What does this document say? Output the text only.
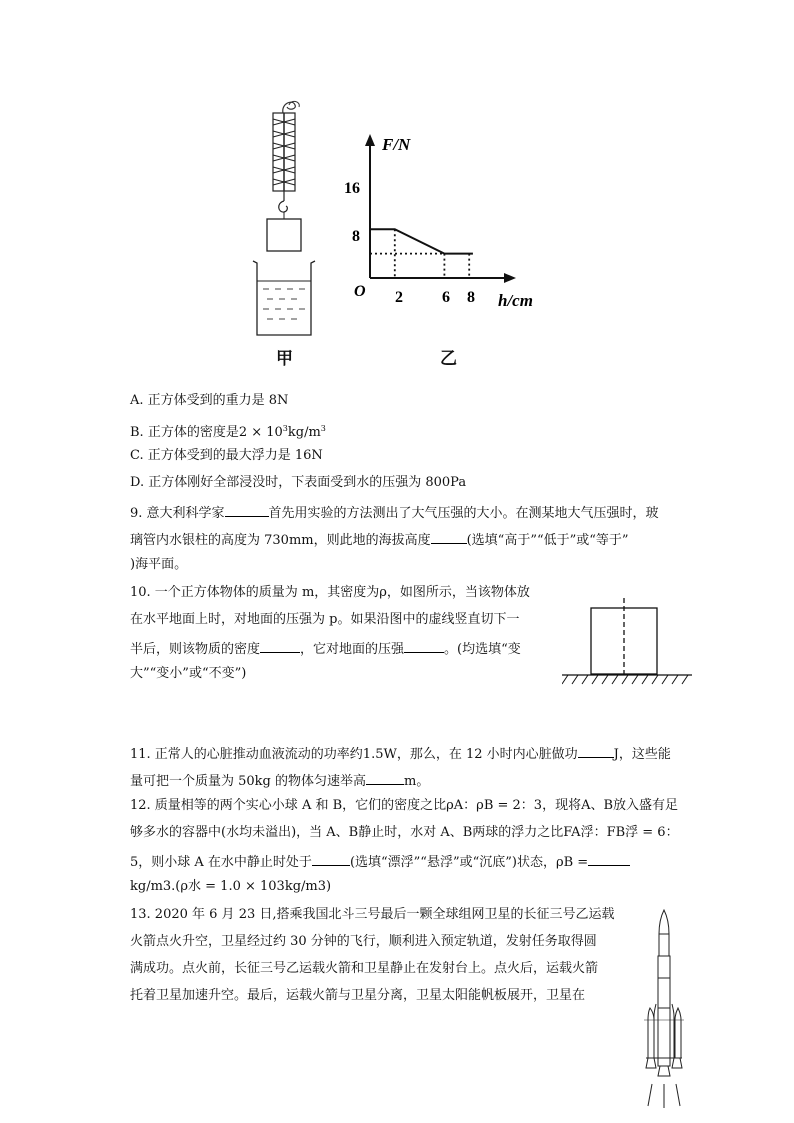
甲
F/N
h/cm
O
16
8
2 6 8
乙
A. 正方体受到的重力是 8N
B. 正方体的密度是$2 \times 10^3kg/m^3$
C. 正方体受到的最大浮力是 16N
D. 正方体刚好全部浸没时，下表面受到水的压强为 800Pa
9. 意大利科学家	首先用实验的方法测出了大气压强的大小。在测某地大气压强时，玻
璃管内水银柱的高度为 730mm，则此地的海拔高度	(选填“高于”“低于”或“等于”
)海平面。
10. 一个正方体物体的质量为 m，其密度为ρ，如图所示，当该物体放
在水平地面上时，对地面的压强为 p。如果沿图中的虚线竖直切下一
半后，则该物质的密度	，它对地面的压强	。(均选填“变
大”“变小”或“不变”)
11. 正常人的心脏推动血液流动的功率约1.5W，那么，在 12 小时内心脏做功	J，这些能
量可把一个质量为 50kg 的物体匀速举高	m。
12. 质量相等的两个实心小球 A 和 B，它们的密度之比ρA：ρB = 2：3，现将A、B放入盛有足
够多水的容器中(水均未溢出)，当 A、B静止时，水对 A、B两球的浮力之比FA浮：FB浮 = 6：
5，则小球 A 在水中静止时处于	(选填“漂浮”“悬浮”或“沉底”)状态，ρB =
kg/m3.(ρ水 = 1.0 × 103kg/m3)
13. 2020 年 6 月 23 日,搭乘我国北斗三号最后一颗全球组网卫星的长征三号乙运载
火箭点火升空，卫星经过约 30 分钟的飞行，顺利进入预定轨道，发射任务取得圆
满成功。点火前，长征三号乙运载火箭和卫星静止在发射台上。点火后，运载火箭
托着卫星加速升空。最后，运载火箭与卫星分离，卫星太阳能帆板展开，卫星在
